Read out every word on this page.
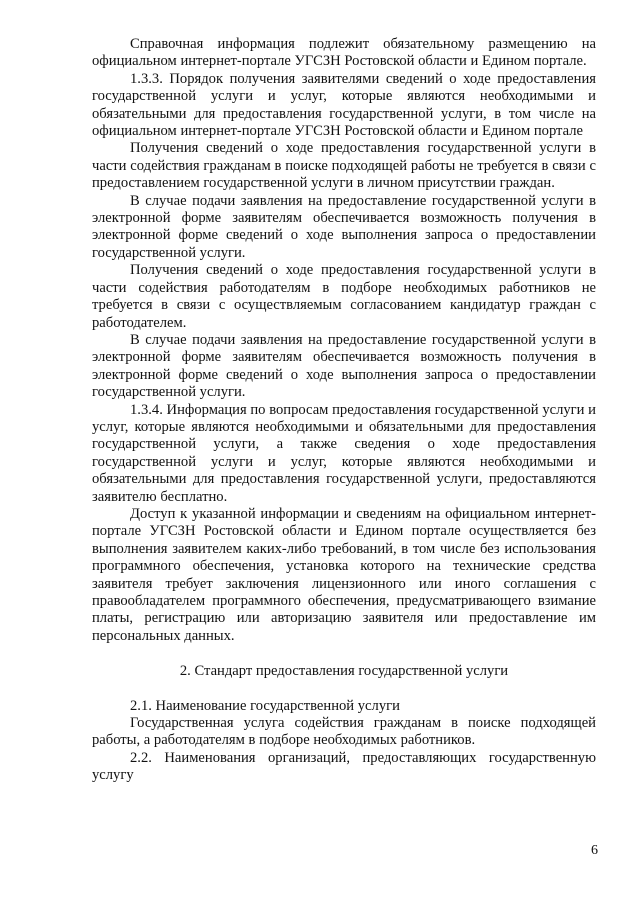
Справочная информация подлежит обязательному размещению на официальном интернет-портале УГСЗН Ростовской области и Едином портале.

1.3.3. Порядок получения заявителями сведений о ходе предоставления государственной услуги и услуг, которые являются необходимыми и обязательными для предоставления государственной услуги, в том числе на официальном интернет-портале УГСЗН Ростовской области и Едином портале

Получения сведений о ходе предоставления государственной услуги в части содействия гражданам в поиске подходящей работы не требуется в связи с предоставлением государственной услуги в личном присутствии граждан.

В случае подачи заявления на предоставление государственной услуги в электронной форме заявителям обеспечивается возможность получения в электронной форме сведений о ходе выполнения запроса о предоставлении государственной услуги.

Получения сведений о ходе предоставления государственной услуги в части содействия работодателям в подборе необходимых работников не требуется в связи с осуществляемым согласованием кандидатур граждан с работодателем.

В случае подачи заявления на предоставление государственной услуги в электронной форме заявителям обеспечивается возможность получения в электронной форме сведений о ходе выполнения запроса о предоставлении государственной услуги.

1.3.4. Информация по вопросам предоставления государственной услуги и услуг, которые являются необходимыми и обязательными для предоставления государственной услуги, а также сведения о ходе предоставления государственной услуги и услуг, которые являются необходимыми и обязательными для предоставления государственной услуги, предоставляются заявителю бесплатно.

Доступ к указанной информации и сведениям на официальном интернет-портале УГСЗН Ростовской области и Едином портале осуществляется без выполнения заявителем каких-либо требований, в том числе без использования программного обеспечения, установка которого на технические средства заявителя требует заключения лицензионного или иного соглашения с правообладателем программного обеспечения, предусматривающего взимание платы, регистрацию или авторизацию заявителя или предоставление им персональных данных.

2. Стандарт предоставления государственной услуги

2.1. Наименование государственной услуги

Государственная услуга содействия гражданам в поиске подходящей работы, а работодателям в подборе необходимых работников.

2.2. Наименования организаций, предоставляющих государственную услугу

6
